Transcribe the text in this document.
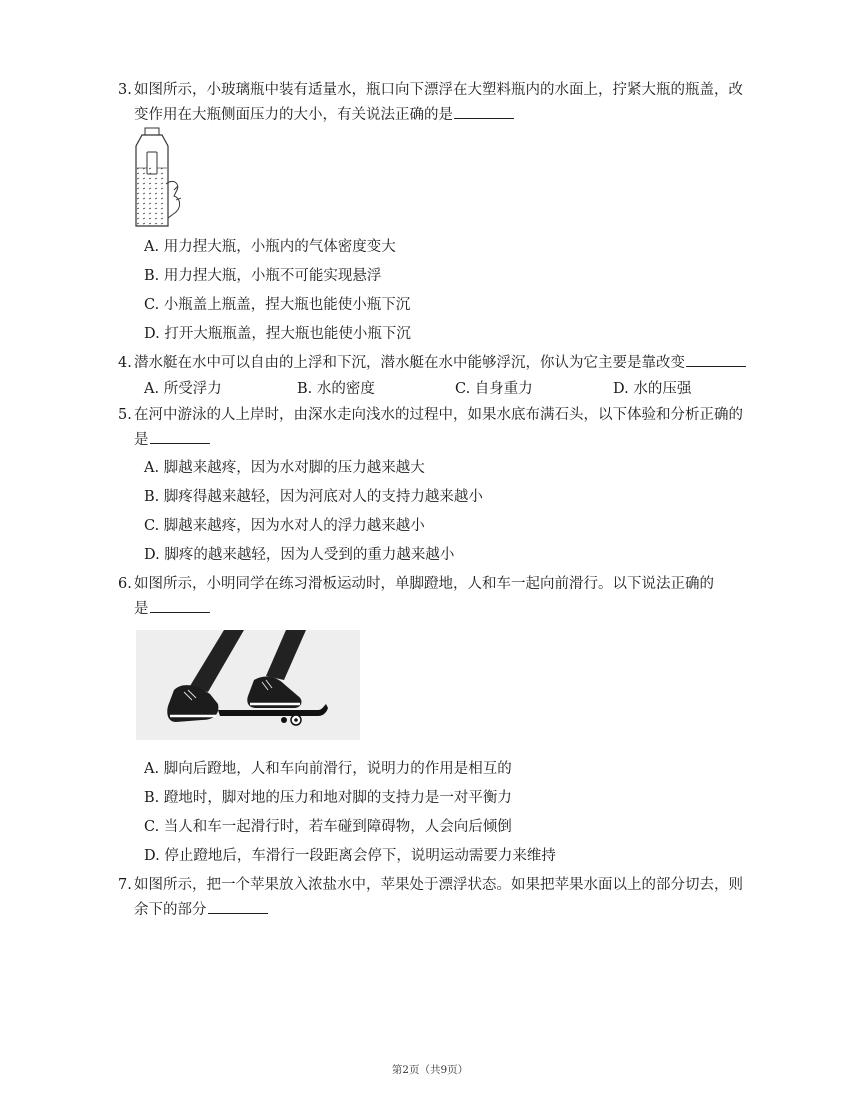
3. 如图所示，小玻璃瓶中装有适量水，瓶口向下漂浮在大塑料瓶内的水面上，拧紧大瓶的瓶盖，改
变作用在大瓶侧面压力的大小，有关说法正确的是
A. 用力捏大瓶，小瓶内的气体密度变大
B. 用力捏大瓶，小瓶不可能实现悬浮
C. 小瓶盖上瓶盖，捏大瓶也能使小瓶下沉
D. 打开大瓶瓶盖，捏大瓶也能使小瓶下沉
4. 潜水艇在水中可以自由的上浮和下沉，潜水艇在水中能够浮沉，你认为它主要是靠改变
A. 所受浮力	B. 水的密度	C. 自身重力	D. 水的压强
5. 在河中游泳的人上岸时，由深水走向浅水的过程中，如果水底布满石头，以下体验和分析正确的
是
A. 脚越来越疼，因为水对脚的压力越来越大
B. 脚疼得越来越轻，因为河底对人的支持力越来越小
C. 脚越来越疼，因为水对人的浮力越来越小
D. 脚疼的越来越轻，因为人受到的重力越来越小
6. 如图所示，小明同学在练习滑板运动时，单脚蹬地，人和车一起向前滑行。以下说法正确的
是
A. 脚向后蹬地，人和车向前滑行，说明力的作用是相互的
B. 蹬地时，脚对地的压力和地对脚的支持力是一对平衡力
C. 当人和车一起滑行时，若车碰到障碍物，人会向后倾倒
D. 停止蹬地后，车滑行一段距离会停下，说明运动需要力来维持
7. 如图所示，把一个苹果放入浓盐水中，苹果处于漂浮状态。如果把苹果水面以上的部分切去，则
余下的部分
第2页（共9页）
